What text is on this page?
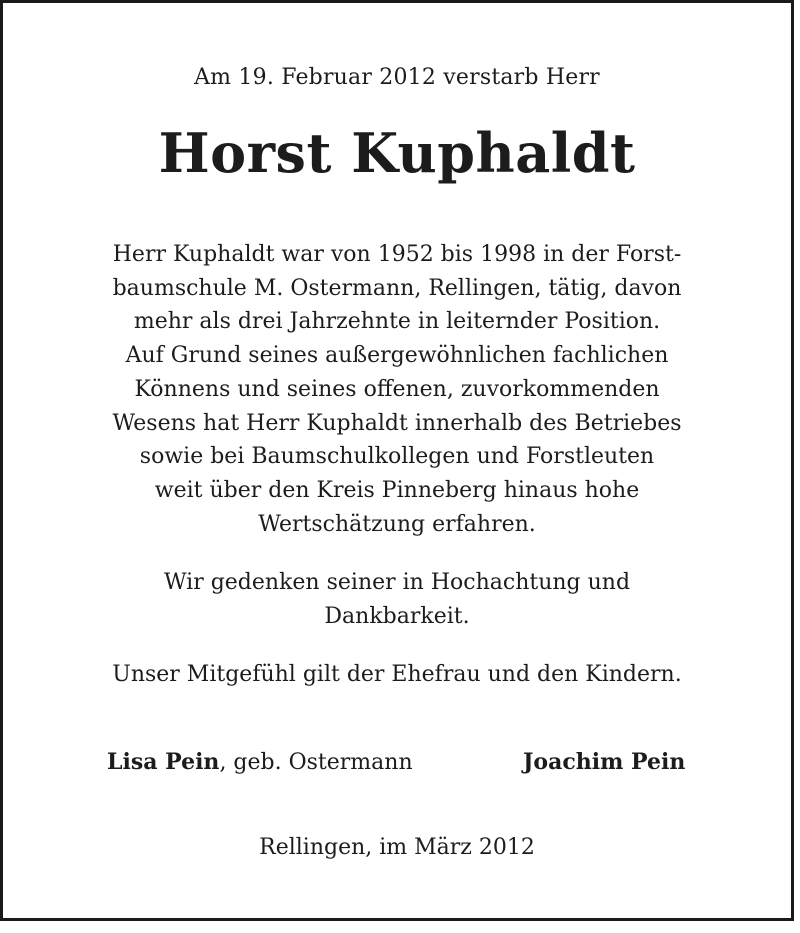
Am 19. Februar 2012 verstarb Herr
Horst Kuphaldt
Herr Kuphaldt war von 1952 bis 1998 in der Forst-
baumschule M. Ostermann, Rellingen, tätig, davon
mehr als drei Jahrzehnte in leiternder Position.
Auf Grund seines außergewöhnlichen fachlichen
Könnens und seines offenen, zuvorkommenden
Wesens hat Herr Kuphaldt innerhalb des Betriebes
sowie bei Baumschulkollegen und Forstleuten
weit über den Kreis Pinneberg hinaus hohe
Wertschätzung erfahren.
Wir gedenken seiner in Hochachtung und
Dankbarkeit.
Unser Mitgefühl gilt der Ehefrau und den Kindern.
Lisa Pein, geb. Ostermann	Joachim Pein
Rellingen, im März 2012
